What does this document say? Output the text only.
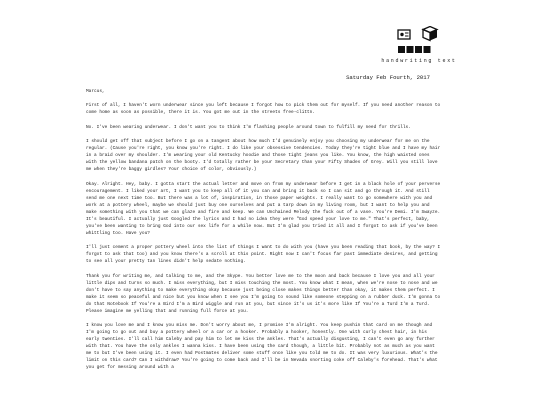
handwriting text
Saturday Feb Fourth, 2017

Marcus,

First of all, I haven't worn underwear since you left because I forgot how to pick them out for myself. If you need another reason to come home as soon as possible, there it is. You got me out in the streets free-clittn.

No. I've been wearing underwear. I don't want you to think I'm flashing people around town to fulfill my need for thrills.

I should get off that subject before I go on a tangent about how much I'd genuinely enjoy you choosing my underwear for me on the regular. (Cause you're right, you know you're right. I do like your obsessive tendencies. Today they're tight blue and I have my hair in a braid over my shoulder. I'm wearing your old Kentucky hoodie and those tight jeans you like. You know, the high waisted ones with the yellow bandana patch on the booty. I'd totally rather be your Secretary than your Fifty Shades of Grey. Will you still love me when they're baggy girdles? Your choice of color, obviously.)

Okay. Alright. Hey, baby. I gotta start the actual letter and move on from my underwear before I get in a black hole of your perverse encouragement. I liked your art, I want you to keep all of it you can and bring it back so I can sit and go through it. And still send me one next time too. But there was a lot of, inspiration, in those paper weights. I really want to go somewhere with you and work at a pottery wheel, maybe we should just buy one ourselves and put a tarp down in my living room, but I want to help you and make something with you that we can glaze and fire and keep. We can Unchained Melody the fuck out of a vase. You're Demi. I'm Swayze. It's beautiful. I actually just Googled the lyrics and I had no idea they were "God speed your love to me." That's perfect, baby, you've been wanting to bring God into our sex life for a while now. But I'm glad you tried it all and I forgot to ask if you've been whittling too. Have you?

I'll just cement a proper pottery wheel into the list of things I want to do with you (have you been reading that book, by the way? I forgot to ask that too) and you know there's a scroll at this point. Right now I can't focus far past immediate desires, and getting to see all your pretty tan lines didn't help sedate nothing.

Thank you for writing me, and talking to me, and the Skype. You better love me to the moon and back because I love you and all your little dips and turns so much. I miss everything, but I miss touching the most. You know what I mean, when we're nose to nose and we don't have to say anything to make everything okay because just being close makes things better than okay, it makes them perfect. I make it seem so peaceful and nice but you know when I see you I'm going to sound like someone stepping on a rubber duck. I'm gonna to do that Notebook If You're a Bird I'm a Bird wiggle and run at you, but since it's us it's more like If You're a Turd I'm a Turd. Please imagine me yelling that and running full force at you.

I know you love me and I know you miss me. Don't worry about me, I promise I'm alright. You keep pushin that card on me though and I'm going to go out and buy a pottery wheel or a car or a hooker. Probably a hooker, honestly. One with curly chest hair, in his early twenties. I'll call him Caleby and pay him to let me kiss the ankles. That's actually disgusting, I can't even go any further with that. You have the only ankles I wanna kiss. I have been using the card though, a little bit. Probably not as much as you want me to but I've been using it. I even had Postmates deliver some stuff once like you told me to do. It was very luxurious. What's the limit on this card? Can I withdraw? You're going to come back and I'll be in Nevada snorting coke off Caleby's forehead. That's what you get for messing around with a
